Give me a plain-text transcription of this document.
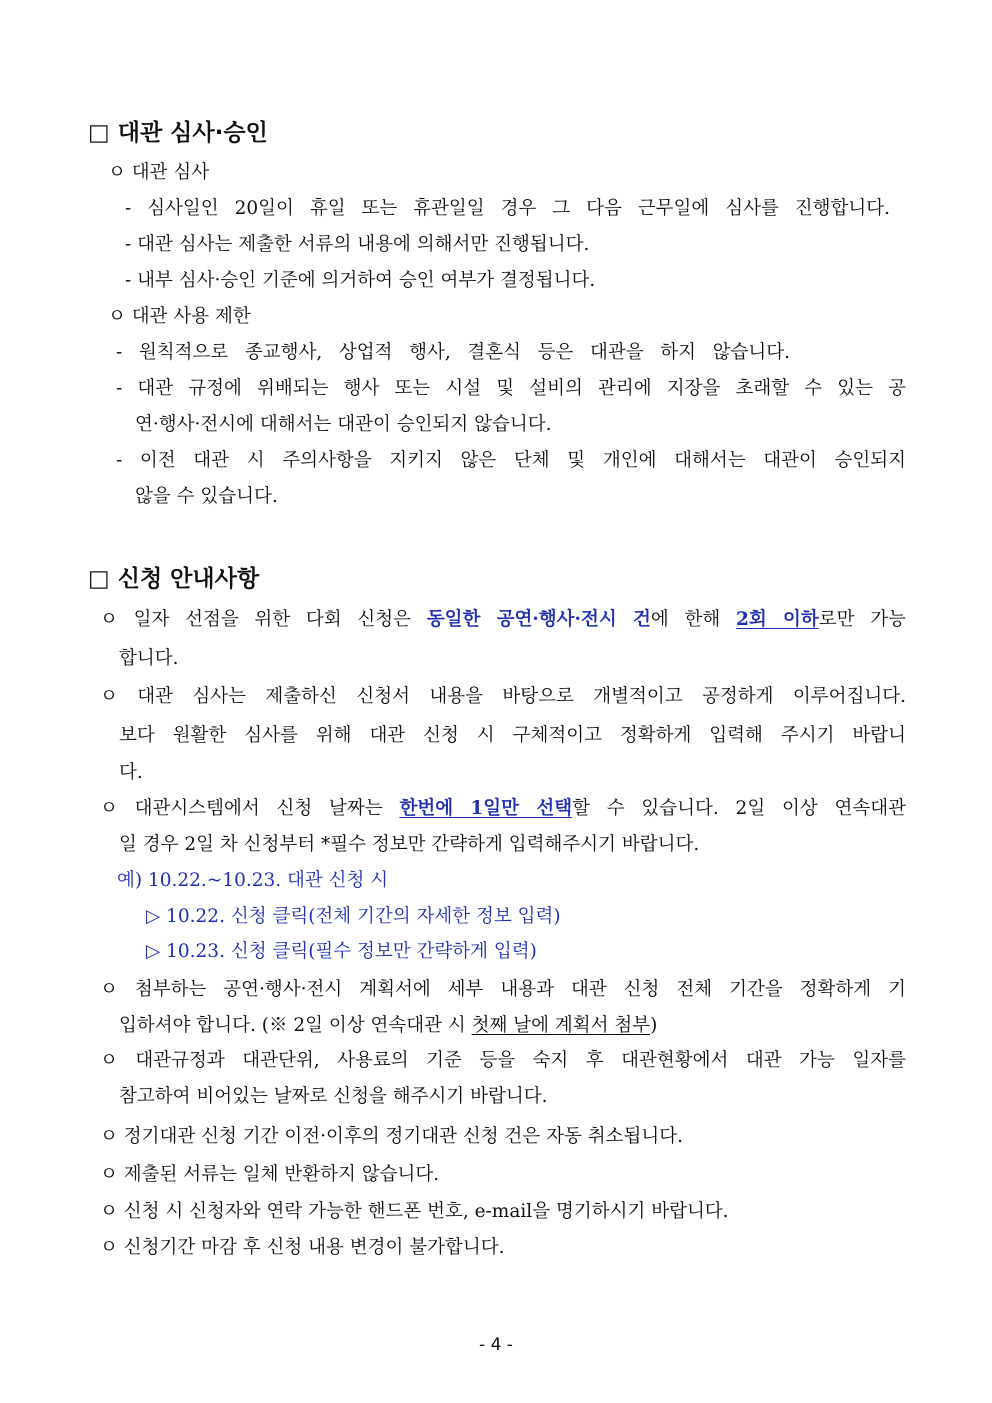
□ 대관 심사·승인
ㅇ 대관 심사
- 심사일인 20일이 휴일 또는 휴관일일 경우 그 다음 근무일에 심사를 진행합니다.
- 대관 심사는 제출한 서류의 내용에 의해서만 진행됩니다.
- 내부 심사·승인 기준에 의거하여 승인 여부가 결정됩니다.
ㅇ 대관 사용 제한
- 원칙적으로 종교행사, 상업적 행사, 결혼식 등은 대관을 하지 않습니다.
- 대관 규정에 위배되는 행사 또는 시설 및 설비의 관리에 지장을 초래할 수 있는 공
연·행사·전시에 대해서는 대관이 승인되지 않습니다.
- 이전 대관 시 주의사항을 지키지 않은 단체 및 개인에 대해서는 대관이 승인되지
않을 수 있습니다.
□ 신청 안내사항
ㅇ 일자 선점을 위한 다회 신청은 동일한 공연·행사·전시 건에 한해 2회 이하로만 가능
합니다.
ㅇ 대관 심사는 제출하신 신청서 내용을 바탕으로 개별적이고 공정하게 이루어집니다.
보다 원활한 심사를 위해 대관 신청 시 구체적이고 정확하게 입력해 주시기 바랍니
다.
ㅇ 대관시스템에서 신청 날짜는 한번에 1일만 선택할 수 있습니다. 2일 이상 연속대관
일 경우 2일 차 신청부터 *필수 정보만 간략하게 입력해주시기 바랍니다.
예) 10.22.~10.23. 대관 신청 시
▷ 10.22. 신청 클릭(전체 기간의 자세한 정보 입력)
▷ 10.23. 신청 클릭(필수 정보만 간략하게 입력)
ㅇ 첨부하는 공연·행사·전시 계획서에 세부 내용과 대관 신청 전체 기간을 정확하게 기
입하셔야 합니다. (※ 2일 이상 연속대관 시 첫째 날에 계획서 첨부)
ㅇ 대관규정과 대관단위, 사용료의 기준 등을 숙지 후 대관현황에서 대관 가능 일자를
참고하여 비어있는 날짜로 신청을 해주시기 바랍니다.
ㅇ 정기대관 신청 기간 이전·이후의 정기대관 신청 건은 자동 취소됩니다.
ㅇ 제출된 서류는 일체 반환하지 않습니다.
ㅇ 신청 시 신청자와 연락 가능한 핸드폰 번호, e-mail을 명기하시기 바랍니다.
ㅇ 신청기간 마감 후 신청 내용 변경이 불가합니다.
- 4 -
